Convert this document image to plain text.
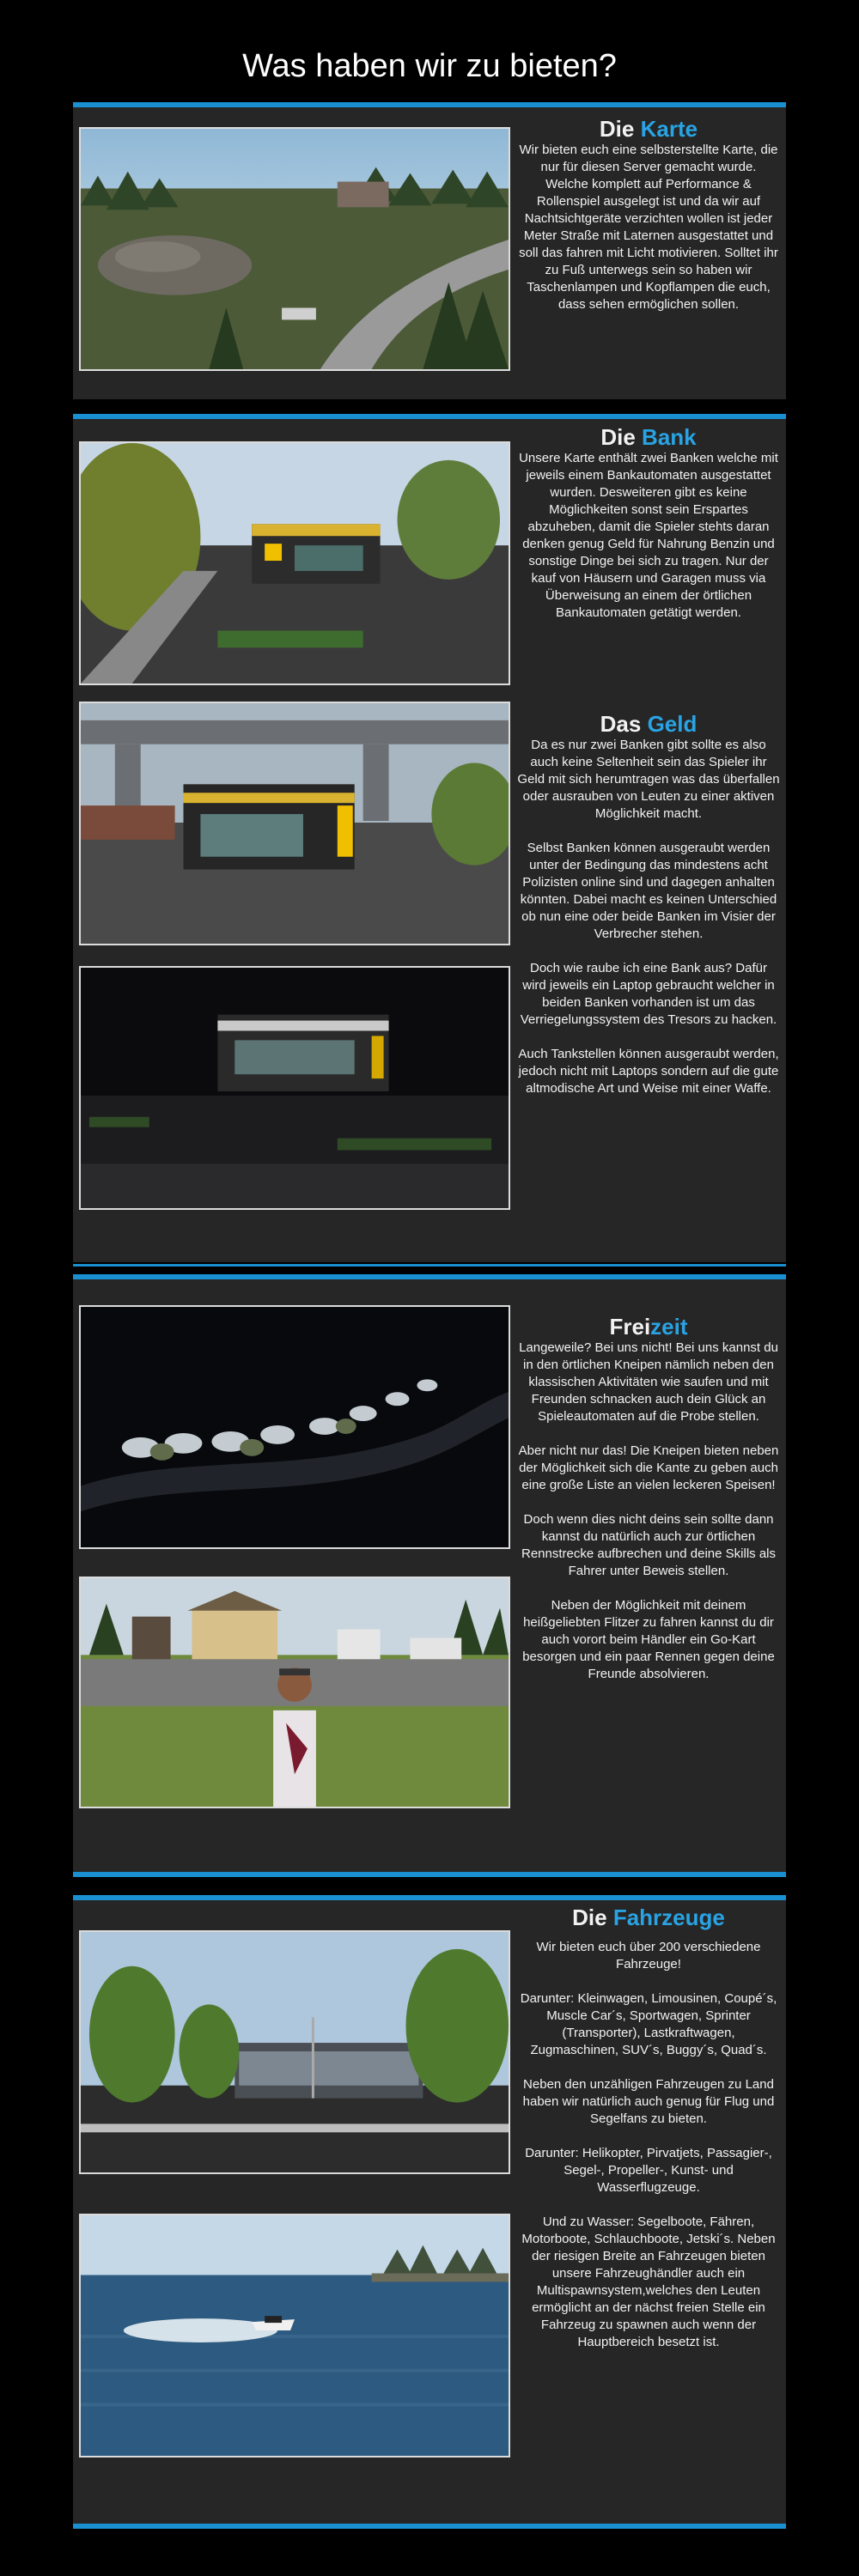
Was haben wir zu bieten?

Die Karte

Wir bieten euch eine selbsterstellte Karte, die nur für diesen Server gemacht wurde.

Welche komplett auf Performance & Rollenspiel ausgelegt ist und da wir auf Nachtsichtgeräte verzichten wollen ist jeder Meter Straße mit Laternen ausgestattet und soll das fahren mit Licht motivieren. Solltet ihr zu Fuß unterwegs sein so haben wir Taschenlampen und Kopflampen die euch, dass sehen ermöglichen sollen.

Die Bank

Unsere Karte enthält zwei Banken welche mit jeweils einem Bankautomaten ausgestattet wurden. Desweiteren gibt es keine Möglichkeiten sonst sein Erspartes abzuheben, damit die Spieler stehts daran denken genug Geld für Nahrung Benzin und sonstige Dinge bei sich zu tragen. Nur der kauf von Häusern und Garagen muss via Überweisung an einem der örtlichen Bankautomaten getätigt werden.

Das Geld

Da es nur zwei Banken gibt sollte es also auch keine Seltenheit sein das Spieler ihr Geld mit sich herumtragen was das überfallen oder ausrauben von Leuten zu einer aktiven Möglichkeit macht.

Selbst Banken können ausgeraubt werden unter der Bedingung das mindestens acht Polizisten online sind und dagegen anhalten könnten. Dabei macht es keinen Unterschied ob nun eine oder beide Banken im Visier der Verbrecher stehen.

Doch wie raube ich eine Bank aus? Dafür wird jeweils ein Laptop gebraucht welcher in beiden Banken vorhanden ist um das Verriegelungssystem des Tresors zu hacken.

Auch Tankstellen können ausgeraubt werden, jedoch nicht mit Laptops sondern auf die gute altmodische Art und Weise mit einer Waffe.

Freizeit

Langeweile? Bei uns nicht! Bei uns kannst du in den örtlichen Kneipen nämlich neben den klassischen Aktivitäten wie saufen und mit Freunden schnacken auch dein Glück an Spieleautomaten auf die Probe stellen.

Aber nicht nur das! Die Kneipen bieten neben der Möglichkeit sich die Kante zu geben auch eine große Liste an vielen leckeren Speisen!

Doch wenn dies nicht deins sein sollte dann kannst du natürlich auch zur örtlichen Rennstrecke aufbrechen und deine Skills als Fahrer unter Beweis stellen.

Neben der Möglichkeit mit deinem heißgeliebten Flitzer zu fahren kannst du dir auch vorort beim Händler ein Go-Kart besorgen und ein paar Rennen gegen deine Freunde absolvieren.

Die Fahrzeuge

Wir bieten euch über 200 verschiedene Fahrzeuge!

Darunter: Kleinwagen, Limousinen, Coupé´s, Muscle Car´s, Sportwagen, Sprinter (Transporter), Lastkraftwagen, Zugmaschinen, SUV´s, Buggy´s, Quad´s.

Neben den unzähligen Fahrzeugen zu Land haben wir natürlich auch genug für Flug und Segelfans zu bieten.

Darunter: Helikopter, Pirvatjets, Passagier-, Segel-, Propeller-, Kunst- und Wasserflugzeuge.

Und zu Wasser: Segelboote, Fähren, Motorboote, Schlauchboote, Jetski´s. Neben der riesigen Breite an Fahrzeugen bieten unsere Fahrzeughändler auch ein Multispawnsystem,welches den Leuten ermöglicht an der nächst freien Stelle ein Fahrzeug zu spawnen auch wenn der Hauptbereich besetzt ist.
